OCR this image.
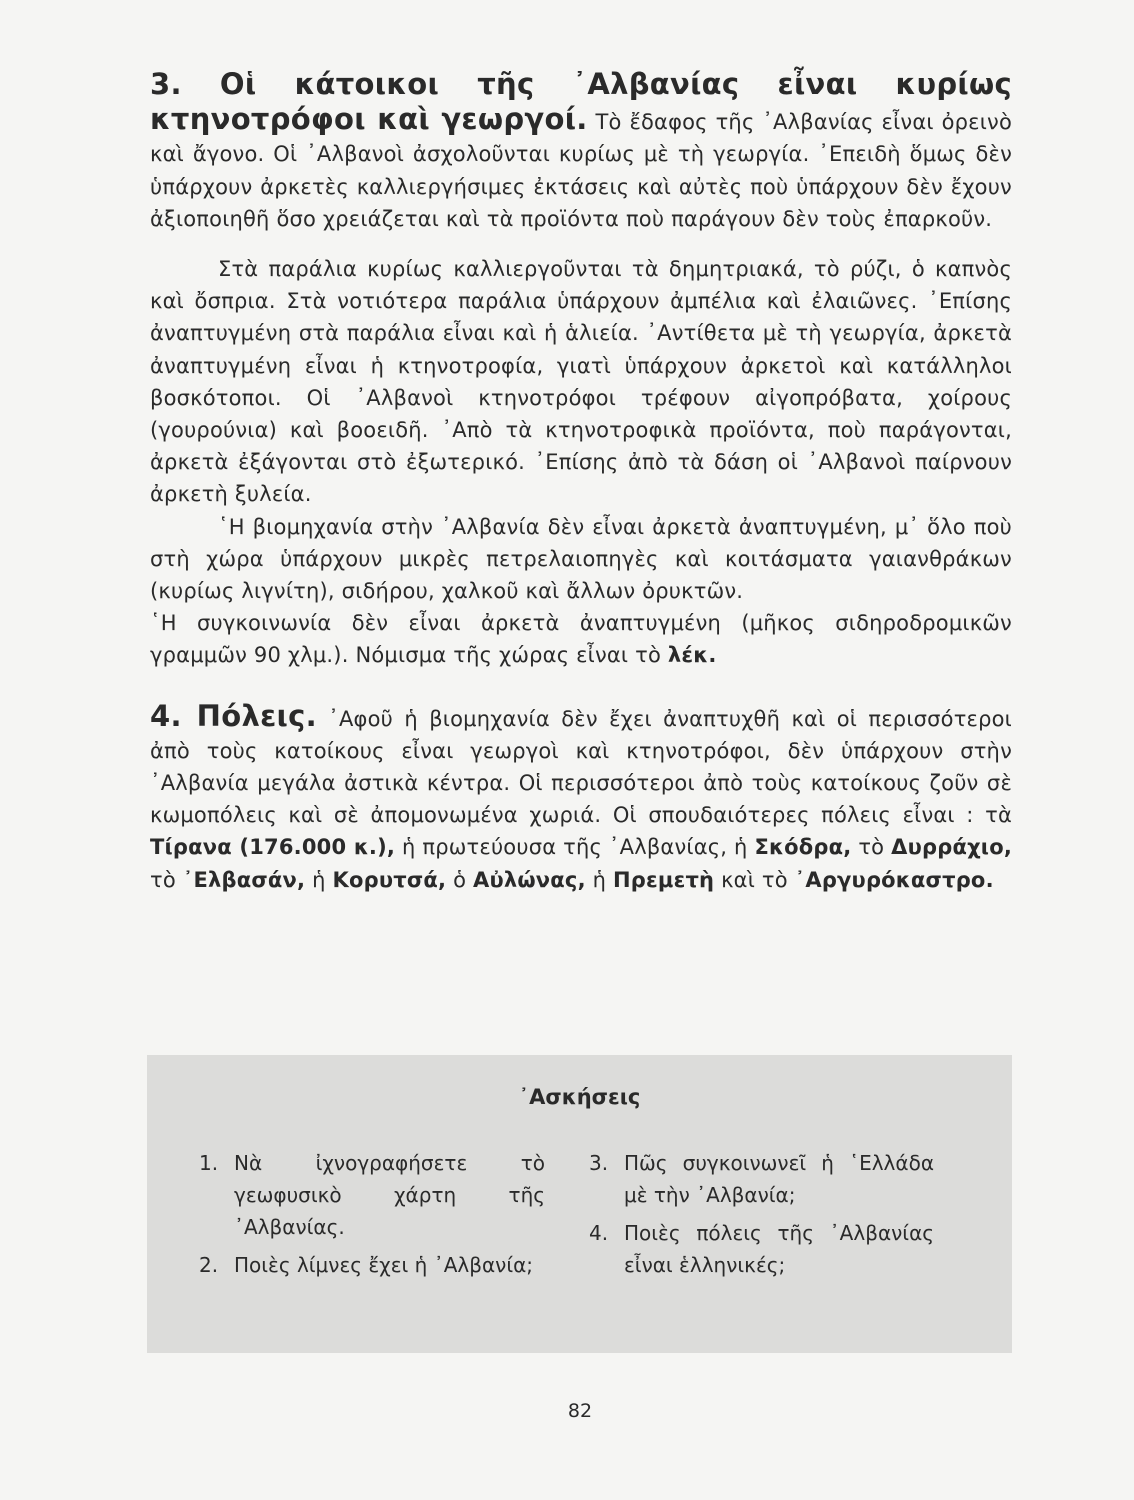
3. Οἱ κάτοικοι τῆς ᾿Αλβανίας εἶναι κυρίως κτηνοτρόφοι καὶ γεωργοί. Τὸ ἔδαφος τῆς ᾿Αλβανίας εἶναι ὀρεινὸ καὶ ἄγονο. Οἱ ᾿Αλβανοὶ ἀσχολοῦνται κυρίως μὲ τὴ γεωργία. ᾿Επειδὴ ὅμως δὲν ὑπάρχουν ἀρκετὲς καλλιεργήσιμες ἐκτάσεις καὶ αὐτὲς ποὺ ὑπάρχουν δὲν ἔχουν ἀξιοποιηθῆ ὅσο χρειάζεται καὶ τὰ προϊόντα ποὺ παράγουν δὲν τοὺς ἐπαρκοῦν.

Στὰ παράλια κυρίως καλλιεργοῦνται τὰ δημητριακά, τὸ ρύζι, ὁ καπνὸς καὶ ὄσπρια. Στὰ νοτιότερα παράλια ὑπάρχουν ἀμπέλια καὶ ἐλαιῶνες. ᾿Επίσης ἀναπτυγμένη στὰ παράλια εἶναι καὶ ἡ ἁλιεία. ᾿Αντίθετα μὲ τὴ γεωργία, ἀρκετὰ ἀναπτυγμένη εἶναι ἡ κτηνοτροφία, γιατὶ ὑπάρχουν ἀρκετοὶ καὶ κατάλληλοι βοσκότοποι. Οἱ ᾿Αλβανοὶ κτηνοτρόφοι τρέφουν αἰγοπρόβατα, χοίρους (γουρούνια) καὶ βοοειδῆ. ᾿Απὸ τὰ κτηνοτροφικὰ προϊόντα, ποὺ παράγονται, ἀρκετὰ ἐξάγονται στὸ ἐξωτερικό. ᾿Επίσης ἀπὸ τὰ δάση οἱ ᾿Αλβανοὶ παίρνουν ἀρκετὴ ξυλεία.

῾Η βιομηχανία στὴν ᾿Αλβανία δὲν εἶναι ἀρκετὰ ἀναπτυγμένη, μ᾿ ὅλο ποὺ στὴ χώρα ὑπάρχουν μικρὲς πετρελαιοπηγὲς καὶ κοιτάσματα γαιανθράκων (κυρίως λιγνίτη), σιδήρου, χαλκοῦ καὶ ἄλλων ὀρυκτῶν.

῾Η συγκοινωνία δὲν εἶναι ἀρκετὰ ἀναπτυγμένη (μῆκος σιδηροδρομικῶν γραμμῶν 90 χλμ.). Νόμισμα τῆς χώρας εἶναι τὸ λέκ.

4. Πόλεις. ᾿Αφοῦ ἡ βιομηχανία δὲν ἔχει ἀναπτυχθῆ καὶ οἱ περισσότεροι ἀπὸ τοὺς κατοίκους εἶναι γεωργοὶ καὶ κτηνοτρόφοι, δὲν ὑπάρχουν στὴν ᾿Αλβανία μεγάλα ἀστικὰ κέντρα. Οἱ περισσότεροι ἀπὸ τοὺς κατοίκους ζοῦν σὲ κωμοπόλεις καὶ σὲ ἀπομονωμένα χωριά. Οἱ σπουδαιότερες πόλεις εἶναι : τὰ Τίρανα (176.000 κ.), ἡ πρωτεύουσα τῆς ᾿Αλβανίας, ἡ Σκόδρα, τὸ Δυρράχιο, τὸ ᾿Ελβασάν, ἡ Κορυτσά, ὁ Αὐλώνας, ἡ Πρεμετὴ καὶ τὸ ᾿Αργυρόκαστρο.

᾿Ασκήσεις
1. Νὰ ἰχνογραφήσετε τὸ γεωφυσικὸ χάρτη τῆς ᾿Αλβανίας.
2. Ποιὲς λίμνες ἔχει ἡ ᾿Αλβανία;
3. Πῶς συγκοινωνεῖ ἡ ῾Ελλάδα μὲ τὴν ᾿Αλβανία;
4. Ποιὲς πόλεις τῆς ᾿Αλβανίας εἶναι ἑλληνικές;
82
